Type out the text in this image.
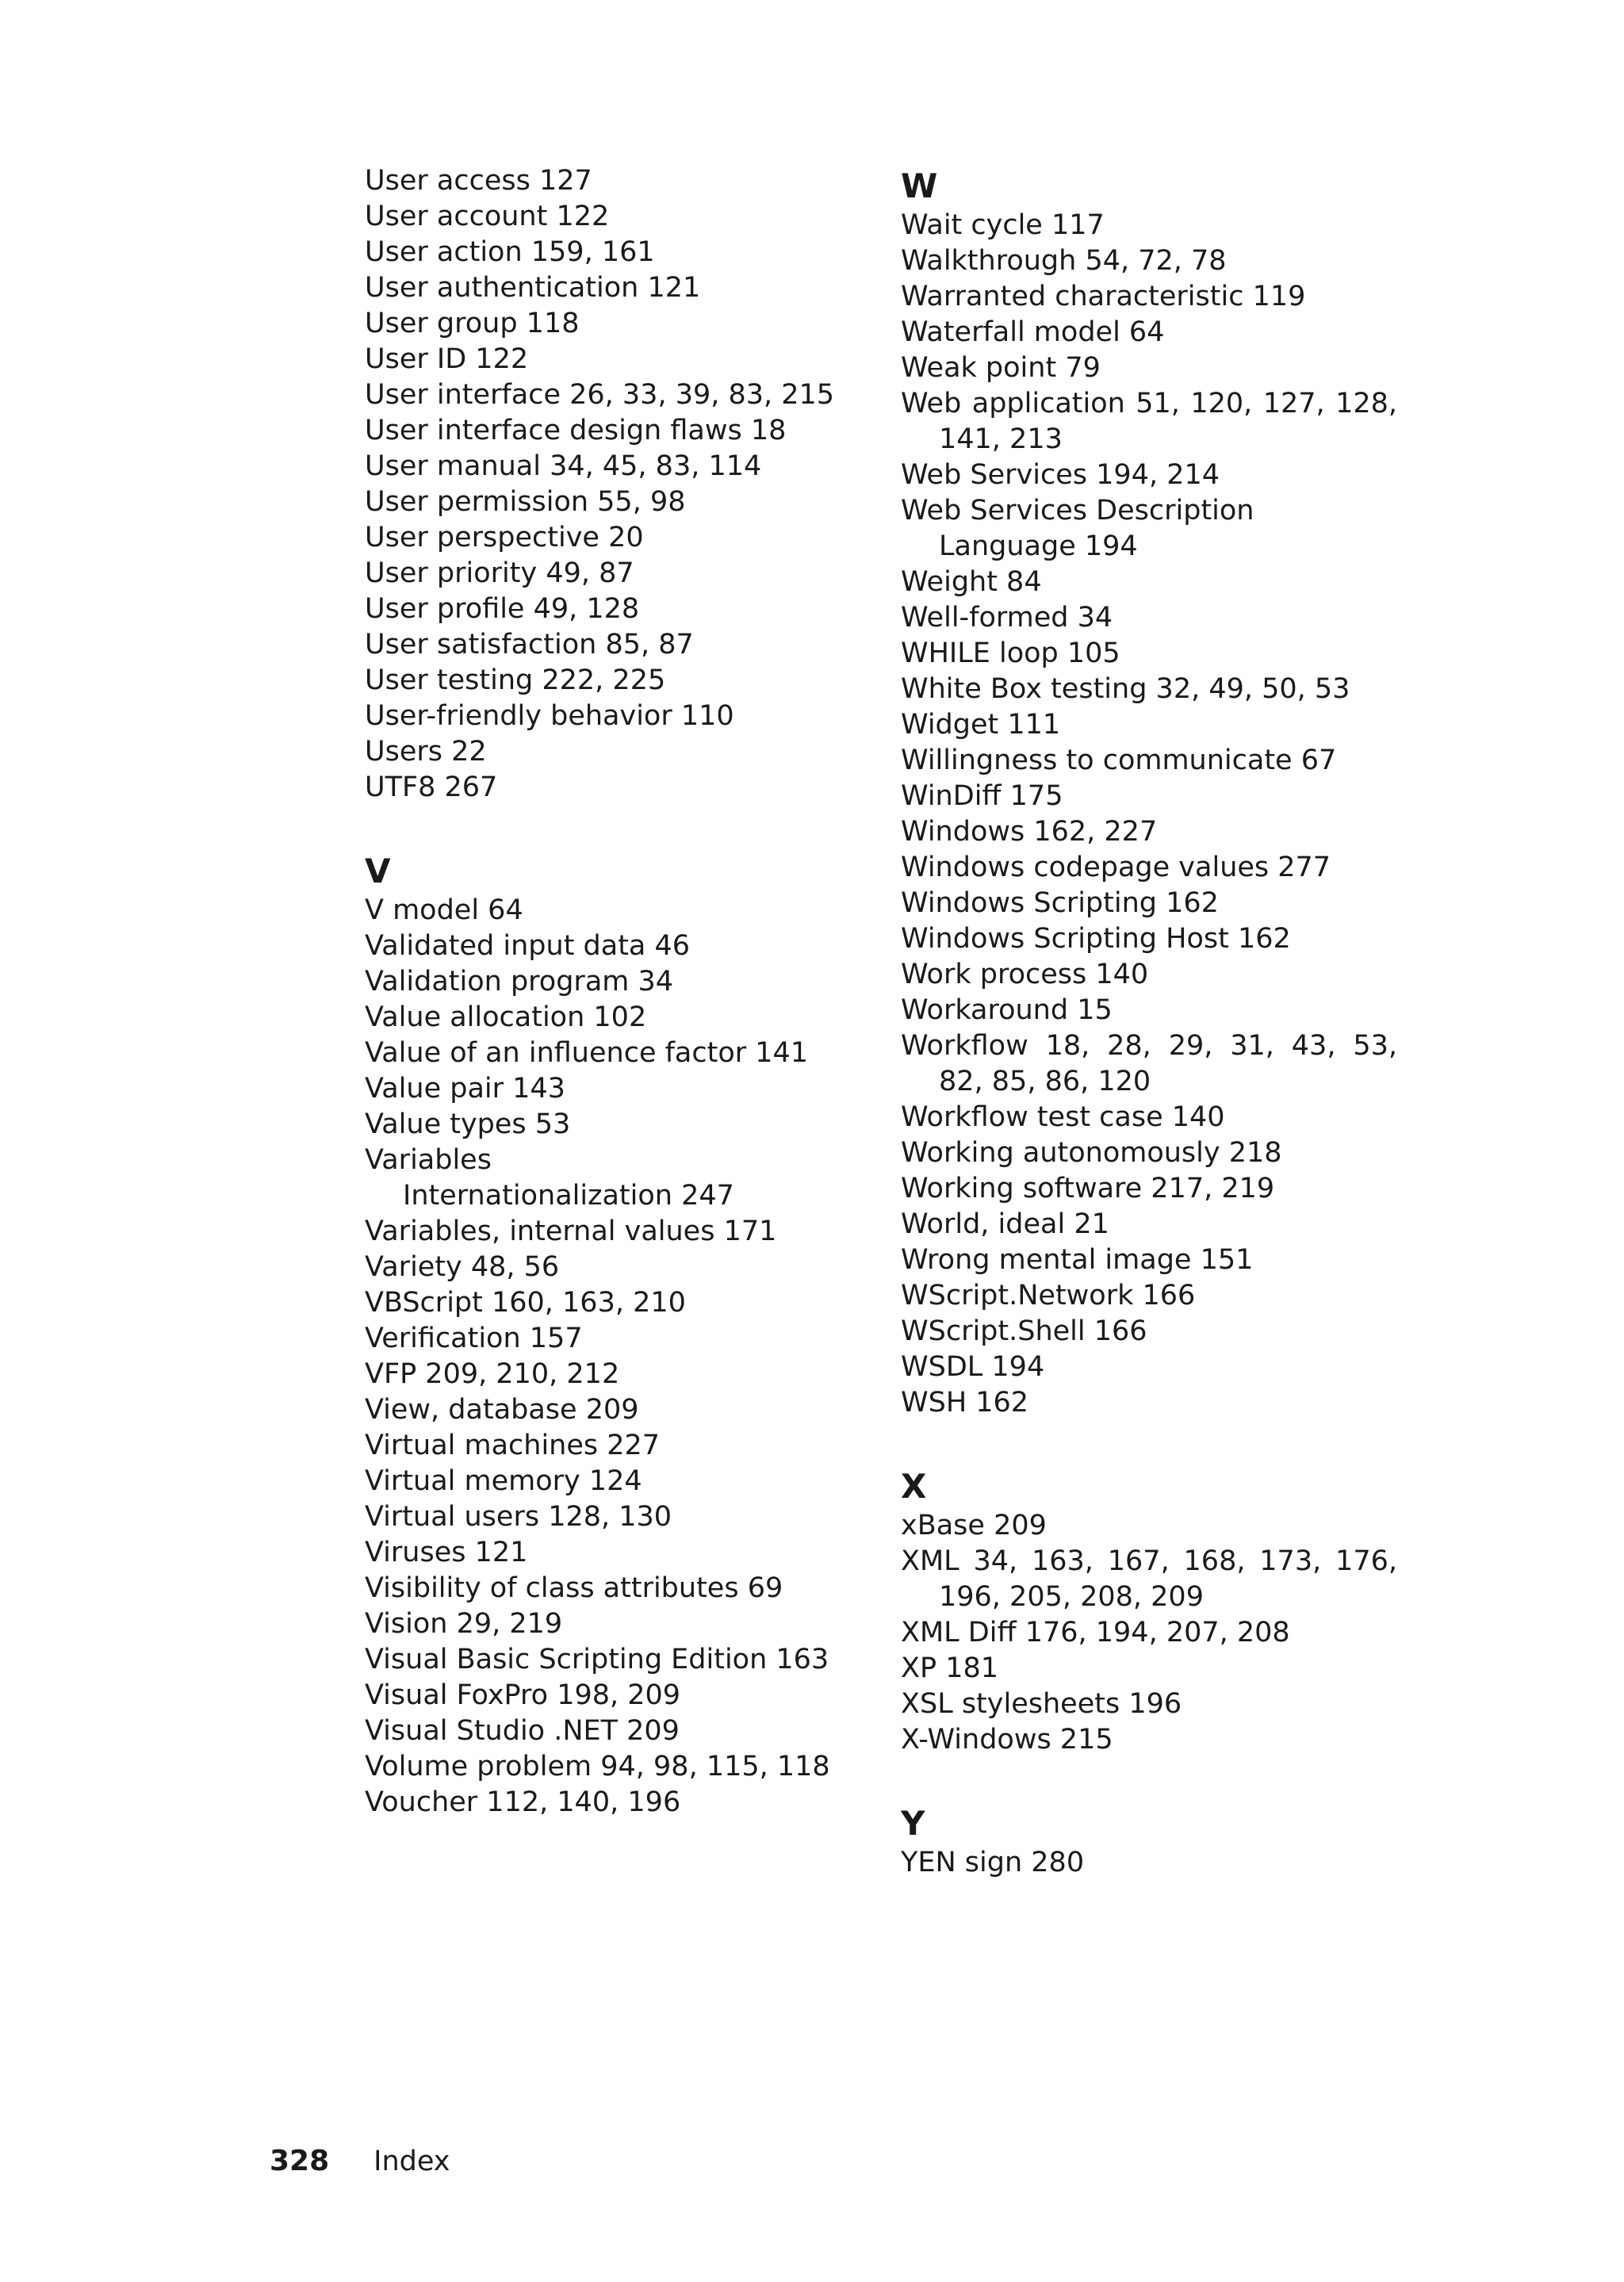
User access 127
User account 122
User action 159, 161
User authentication 121
User group 118
User ID 122
User interface 26, 33, 39, 83, 215
User interface design flaws 18
User manual 34, 45, 83, 114
User permission 55, 98
User perspective 20
User priority 49, 87
User profile 49, 128
User satisfaction 85, 87
User testing 222, 225
User-friendly behavior 110
Users 22
UTF8 267
V
V model 64
Validated input data 46
Validation program 34
Value allocation 102
Value of an influence factor 141
Value pair 143
Value types 53
Variables
Internationalization 247
Variables, internal values 171
Variety 48, 56
VBScript 160, 163, 210
Verification 157
VFP 209, 210, 212
View, database 209
Virtual machines 227
Virtual memory 124
Virtual users 128, 130
Viruses 121
Visibility of class attributes 69
Vision 29, 219
Visual Basic Scripting Edition 163
Visual FoxPro 198, 209
Visual Studio .NET 209
Volume problem 94, 98, 115, 118
Voucher 112, 140, 196
W
Wait cycle 117
Walkthrough 54, 72, 78
Warranted characteristic 119
Waterfall model 64
Weak point 79
Web application 51, 120, 127, 128,
141, 213
Web Services 194, 214
Web Services Description
Language 194
Weight 84
Well-formed 34
WHILE loop 105
White Box testing 32, 49, 50, 53
Widget 111
Willingness to communicate 67
WinDiff 175
Windows 162, 227
Windows codepage values 277
Windows Scripting 162
Windows Scripting Host 162
Work process 140
Workaround 15
Workflow 18, 28, 29, 31, 43, 53,
82, 85, 86, 120
Workflow test case 140
Working autonomously 218
Working software 217, 219
World, ideal 21
Wrong mental image 151
WScript.Network 166
WScript.Shell 166
WSDL 194
WSH 162
X
xBase 209
XML 34, 163, 167, 168, 173, 176,
196, 205, 208, 209
XML Diff 176, 194, 207, 208
XP 181
XSL stylesheets 196
X-Windows 215
Y
YEN sign 280
328 Index
